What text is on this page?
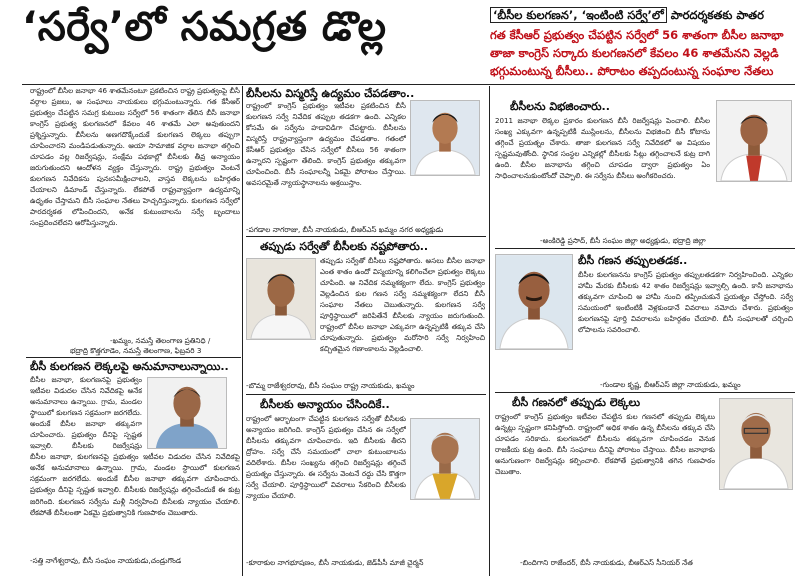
‘సర్వే’లో సమగ్రత డొల్ల	‘బీసీల కులగణన’, ‘ఇంటింటి సర్వే’లో పారదర్శకతకు పాతర
గత కేసీఆర్ ప్రభుత్వం చేపట్టిన సర్వేలో 56 శాతంగా బీసీల జనాభా
తాజా కాంగ్రెస్ సర్కారు కులగణనలో కేవలం 46 శాతమేనని వెల్లడి
భగ్గుమంటున్న బీసీలు.. పోరాటం తప్పదంటున్న సంఘాల నేతలు
రాష్ట్రంలో బీసీల జనాభా 46 శాతమేనంటూ ప్రకటించిన రాష్ట్ర ప్రభుత్వంపై బీసీ వర్గాల ప్రజలు, ఆ సంఘాలు నాయకులు భగ్గుమంటున్నారు. గత కేసీఆర్ ప్రభుత్వం చేపట్టిన సమగ్ర కుటుంబ సర్వేలో 56 శాతంగా తేలిన బీసీ జనాభా కాంగ్రెస్ ప్రభుత్వ కులగణనలో కేవలం 46 శాతమే ఎలా అవుతుందని ప్రశ్నిస్తున్నారు. బీసీలను అణగదొక్కేందుకే కులగణన లెక్కలు తప్పుగా చూపించారని మండిపడుతున్నారు. ఆయా సామాజిక వర్గాల జనాభా తగ్గించి చూపడం వల్ల రిజర్వేషన్లు, సంక్షేమ పథకాల్లో బీసీలకు తీవ్ర అన్యాయం జరుగుతుందని ఆందోళన వ్యక్తం చేస్తున్నారు. రాష్ట్ర ప్రభుత్వం వెంటనే కులగణన నివేదికను పునఃసమీక్షించాలని, వాస్తవ లెక్కలను బహిర్గతం చేయాలని డిమాండ్ చేస్తున్నారు. లేకపోతే రాష్ట్రవ్యాప్తంగా ఉద్యమాన్ని ఉధృతం చేస్తామని బీసీ సంఘాల నేతలు హెచ్చరిస్తున్నారు. కులగణన సర్వేలో పారదర్శకత లోపించిందని, అనేక కుటుంబాలను సర్వే బృందాలు సంప్రదించలేదని ఆరోపిస్తున్నారు.
-ఖమ్మం, నమస్తే తెలంగాణ ప్రతినిధి /
భద్రాద్రి కొత్తగూడెం, నమస్తే తెలంగాణ, ఫిబ్రవరి 3
బీసీ కులగణన లెక్కలపై అనుమానాలున్నాయి..
బీసీల జనాభా, కులగణనపై ప్రభుత్వం ఇటీవల విడుదల చేసిన నివేదికపై అనేక అనుమానాలు ఉన్నాయి. గ్రామ, మండల స్థాయిలో కులగణన సక్రమంగా జరగలేదు. అందుకే బీసీల జనాభా తక్కువగా చూపించారు. ప్రభుత్వం దీనిపై స్పష్టత ఇవ్వాలి. బీసీలకు రిజర్వేషన్లు
బీసీల జనాభా, కులగణనపై ప్రభుత్వం ఇటీవల విడుదల చేసిన నివేదికపై అనేక అనుమానాలు ఉన్నాయి. గ్రామ, మండల స్థాయిలో కులగణన సక్రమంగా జరగలేదు. అందుకే బీసీల జనాభా తక్కువగా చూపించారు. ప్రభుత్వం దీనిపై స్పష్టత ఇవ్వాలి. బీసీలకు రిజర్వేషన్లు తగ్గించేందుకే ఈ కుట్ర జరిగింది. కులగణన సర్వేను మళ్లీ నిర్వహించి బీసీలకు న్యాయం చేయాలి. లేకపోతే బీసీలంతా ఏకమై ప్రభుత్వానికి గుణపాఠం చెబుతారు.
-సత్తి నాగేశ్వరావు, బీసీ సంఘం నాయకుడు,చండ్రుగొండ
బీసీలను విస్మరిస్తే ఉద్యమం చేపడతాం..
రాష్ట్రంలో కాంగ్రెస్ ప్రభుత్వం ఇటీవల ప్రకటించిన బీసీ కులగణన సర్వే నివేదిక తప్పుల తడకగా ఉంది. ఎన్నికల కోసమే ఈ సర్వేను హడావిడిగా చేపట్టారు. బీసీలను విస్మరిస్తే రాష్ట్రవ్యాప్తంగా ఉద్యమం చేపడతాం. గతంలో కేసీఆర్ ప్రభుత్వం చేసిన సర్వేలో బీసీలు 56 శాతంగా ఉన్నారని స్పష్టంగా తేలింది. కాంగ్రెస్ ప్రభుత్వం తక్కువగా చూపించింది. బీసీ సంఘాలన్నీ ఏకమై పోరాటం చేస్తాయి. అవసరమైతే న్యాయస్థానాలను ఆశ్రయిస్తాం.
-పగడాల నాగరాజు, బీసీ నాయకుడు, బీఆర్ఎస్ ఖమ్మం నగర అధ్యక్షుడు
తప్పుడు సర్వేతో బీసీలకు నష్టపోతారు..
తప్పుడు సర్వేతో బీసీలు నష్టపోతారు. అసలు బీసీల జనాభా ఎంత శాతం ఉందో విస్మయాన్ని కలిగించేలా ప్రభుత్వం లెక్కలు చూపింది. ఆ నివేదిక నమ్మశక్యంగా లేదు. కాంగ్రెస్ ప్రభుత్వం వెల్లడించిన కుల గణన సర్వే నమ్మశక్యంగా లేదని బీసీ సంఘాల నేతలు చెబుతున్నారు. కులగణన సర్వే పూర్తిస్థాయిలో జరిపితేనే బీసీలకు న్యాయం జరుగుతుంది. రాష్ట్రంలో బీసీల జనాభా ఎక్కువగా ఉన్నప్పటికీ తక్కువ చేసి చూపుతున్నారు. ప్రభుత్వం మరోసారి సర్వే నిర్వహించి కచ్చితమైన గణాంకాలను వెల్లడించాలి.
-బొమ్మ రాజేశ్వరరావు, బీసీ సంఘం రాష్ట్ర నాయకుడు, ఖమ్మం
బీసీలకు అన్యాయం చేసిందికే..
రాష్ట్రంలో ఆర్భాటంగా చేపట్టిన కులగణన సర్వేతో బీసీలకు అన్యాయం జరిగింది. కాంగ్రెస్ ప్రభుత్వం చేసిన ఈ సర్వేలో బీసీలను తక్కువగా చూపించారు. ఇది బీసీలకు తీరని ద్రోహం. సర్వే చేసే సమయంలో చాలా కుటుంబాలను వదిలేశారు. బీసీల సంఖ్యను తగ్గించి రిజర్వేషన్లు తగ్గించే ప్రయత్నం చేస్తున్నారు. ఈ సర్వేను వెంటనే రద్దు చేసి కొత్తగా సర్వే చేయాలి. పూర్తిస్థాయిలో వివరాలు సేకరించి బీసీలకు న్యాయం చేయాలి.
-కూరాకుల నాగభూషణం, బీసీ నాయకుడు, జెడ్‌పీసీ మాజీ చైర్మన్
బీసీలను విభజించారు..
2011 జనాభా లెక్కల ప్రకారం కులగణన బీసీ రిజర్వేషన్లు పెంచాలి. బీసీల సంఖ్య ఎక్కువగా ఉన్నప్పటికీ ముస్లింలను, బీసీలను విభజించి బీసీ కోటాను తగ్గించే ప్రయత్నం చేశారు. తాజా కులగణన సర్వే నివేదికలో ఆ విషయం స్పష్టమవుతోంది. స్థానిక సంస్థల ఎన్నికల్లో బీసీలకు సీట్లు తగ్గించాలనే కుట్ర దాగి ఉంది. బీసీల జనాభాను తగ్గించి చూపడం ద్వారా ప్రభుత్వం ఏం సాధించాలనుకుంటోందో చెప్పాలి. ఈ సర్వేను బీసీలు అంగీకరించరు.
-అంకిరెడ్డి ప్రసాద్, బీసీ సంఘం జిల్లా అధ్యక్షుడు, భద్రాద్రి జిల్లా
బీసీ గణన తప్పులతడక..
బీసీల కులగణనను కాంగ్రెస్ ప్రభుత్వం తప్పులతడకగా నిర్వహించింది. ఎన్నికల హామీ మేరకు బీసీలకు 42 శాతం రిజర్వేషన్లు ఇవ్వాల్సి ఉంది. కానీ జనాభాను తక్కువగా చూపించి ఆ హామీ నుంచి తప్పించుకునే ప్రయత్నం చేస్తోంది. సర్వే సమయంలో ఇంటింటికీ వెళ్లకుండానే వివరాలు నమోదు చేశారు. ప్రభుత్వం కులగణనపై పూర్తి వివరాలను బహిర్గతం చేయాలి. బీసీ సంఘాలతో చర్చించి లోపాలను సవరించాలి.
-గుండాల కృష్ణ, బీఆర్ఎస్ జిల్లా నాయకుడు, ఖమ్మం
బీసీ గణనలో తప్పుడు లెక్కలు
రాష్ట్రంలో కాంగ్రెస్ ప్రభుత్వం ఇటీవల చేపట్టిన కుల గణనలో తప్పుడు లెక్కలు ఉన్నట్లు స్పష్టంగా కనిపిస్తోంది. రాష్ట్రంలో అధిక శాతం ఉన్న బీసీలను తక్కువ చేసి చూపడం సరికాదు. కులగణనలో బీసీలను తక్కువగా చూపించడం వెనుక రాజకీయ కుట్ర ఉంది. బీసీ సంఘాలు దీనిపై పోరాటం చేస్తాయి. బీసీల జనాభాకు అనుగుణంగా రిజర్వేషన్లు కల్పించాలి. లేకపోతే ప్రభుత్వానికి తగిన గుణపాఠం చెబుతాం.
-బిందిగాని రాజేందర్, బీసీ నాయకుడు, బీఆర్ఎస్ సీనియర్ నేత
